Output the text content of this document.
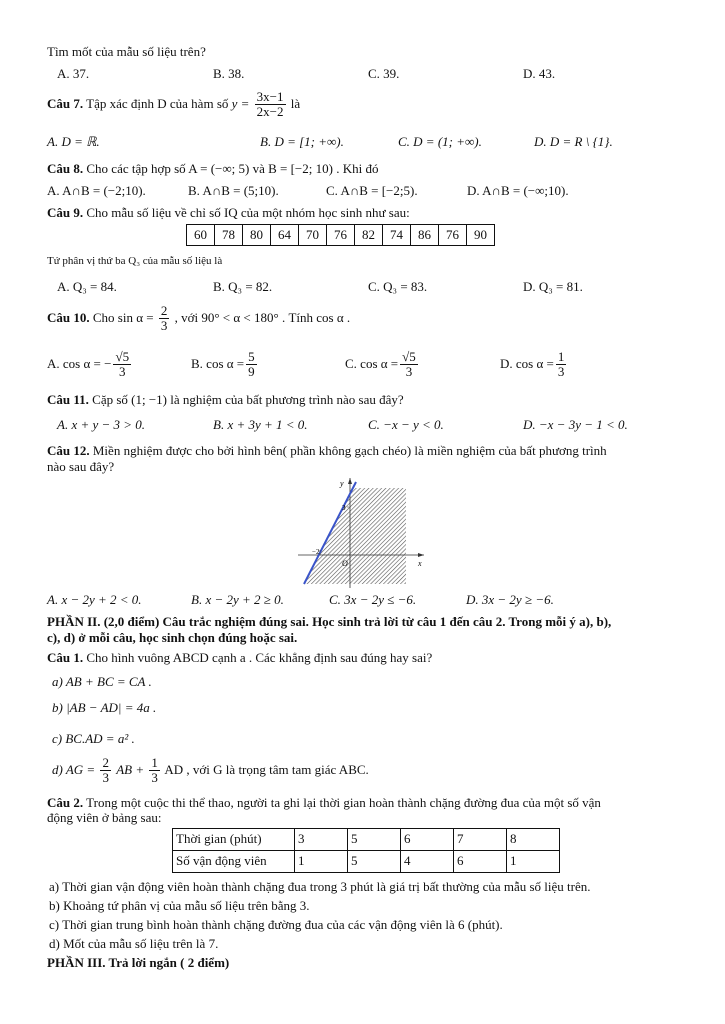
Tìm mốt của mẫu số liệu trên?
A. 37.	B. 38.	C. 39.	D. 43.
Câu 7. Tập xác định D của hàm số $y = \frac{3x-1}{2x-2}$ là
A. D = ℝ.	B. D = [1; +∞).	C. D = (1; +∞).	D. D = R \ {1}.
Câu 8. Cho các tập hợp số A = (−∞; 5) và B = [−2; 10) . Khi đó
A. A∩B = (−2;10).	B. A∩B = (5;10).	C. A∩B = [−2;5).	D. A∩B = (−∞;10).
Câu 9. Cho mẫu số liệu về chỉ số IQ của một nhóm học sinh như sau:
60	78	80	64	70	76	82	74	86	76	90
Tứ phân vị thứ ba Q₃ của mẫu số liệu là
A. Q₃ = 84.	B. Q₃ = 82.	C. Q₃ = 83.	D. Q₃ = 81.
Câu 10. Cho $\sin \alpha = \frac{2}{3}$ , với 90° < α < 180° . Tính cos α .
A. cos α = − $\frac{√5}{3}$	B. $\cos \alpha = \frac{5}{9}$	C. $\cos \alpha = \frac{√5}{3}$	D. $\cos \alpha = \frac{1}{3}$
Câu 11. Cặp số (1; −1) là nghiệm của bất phương trình nào sau đây?
A. x + y − 3 > 0.	B. x + 3y + 1 < 0.	C. −x − y < 0.	D. −x − 3y − 1 < 0.
Câu 12. Miền nghiệm được cho bởi hình bên( phần không gạch chéo) là miền nghiệm của bất phương trình
nào sau đây?
y
x
3
−2
O
A. x − 2y + 2 < 0.	B. x − 2y + 2 ≥ 0.	C. 3x − 2y ≤ −6.	D. 3x − 2y ≥ −6.
PHẦN II. (2,0 điểm) Câu trắc nghiệm đúng sai. Học sinh trả lời từ câu 1 đến câu 2. Trong mỗi ý a), b),
c), d) ở mỗi câu, học sinh chọn đúng hoặc sai.
Câu 1. Cho hình vuông ABCD cạnh a . Các khẳng định sau đúng hay sai?
a) AB + BC = CA .
b) |AB − AD| = 4a .
c) BC.AD = a² .
d) AG = $\frac{2}{3}$ AB + $\frac{1}{3}$ AD , với G là trọng tâm tam giác ABC.
Câu 2. Trong một cuộc thi thể thao, người ta ghi lại thời gian hoàn thành chặng đường đua của một số vận
động viên ở bảng sau:
Thời gian (phút)	3	5	6	7	8
Số vận động viên	1	5	4	6	1
a) Thời gian vận động viên hoàn thành chặng đua trong 3 phút là giá trị bất thường của mẫu số liệu trên.
b) Khoảng tứ phân vị của mẫu số liệu trên bằng 3.
c) Thời gian trung bình hoàn thành chặng đường đua của các vận động viên là 6 (phút).
d) Mốt của mẫu số liệu trên là 7.
PHẦN III. Trả lời ngắn ( 2 điểm)
